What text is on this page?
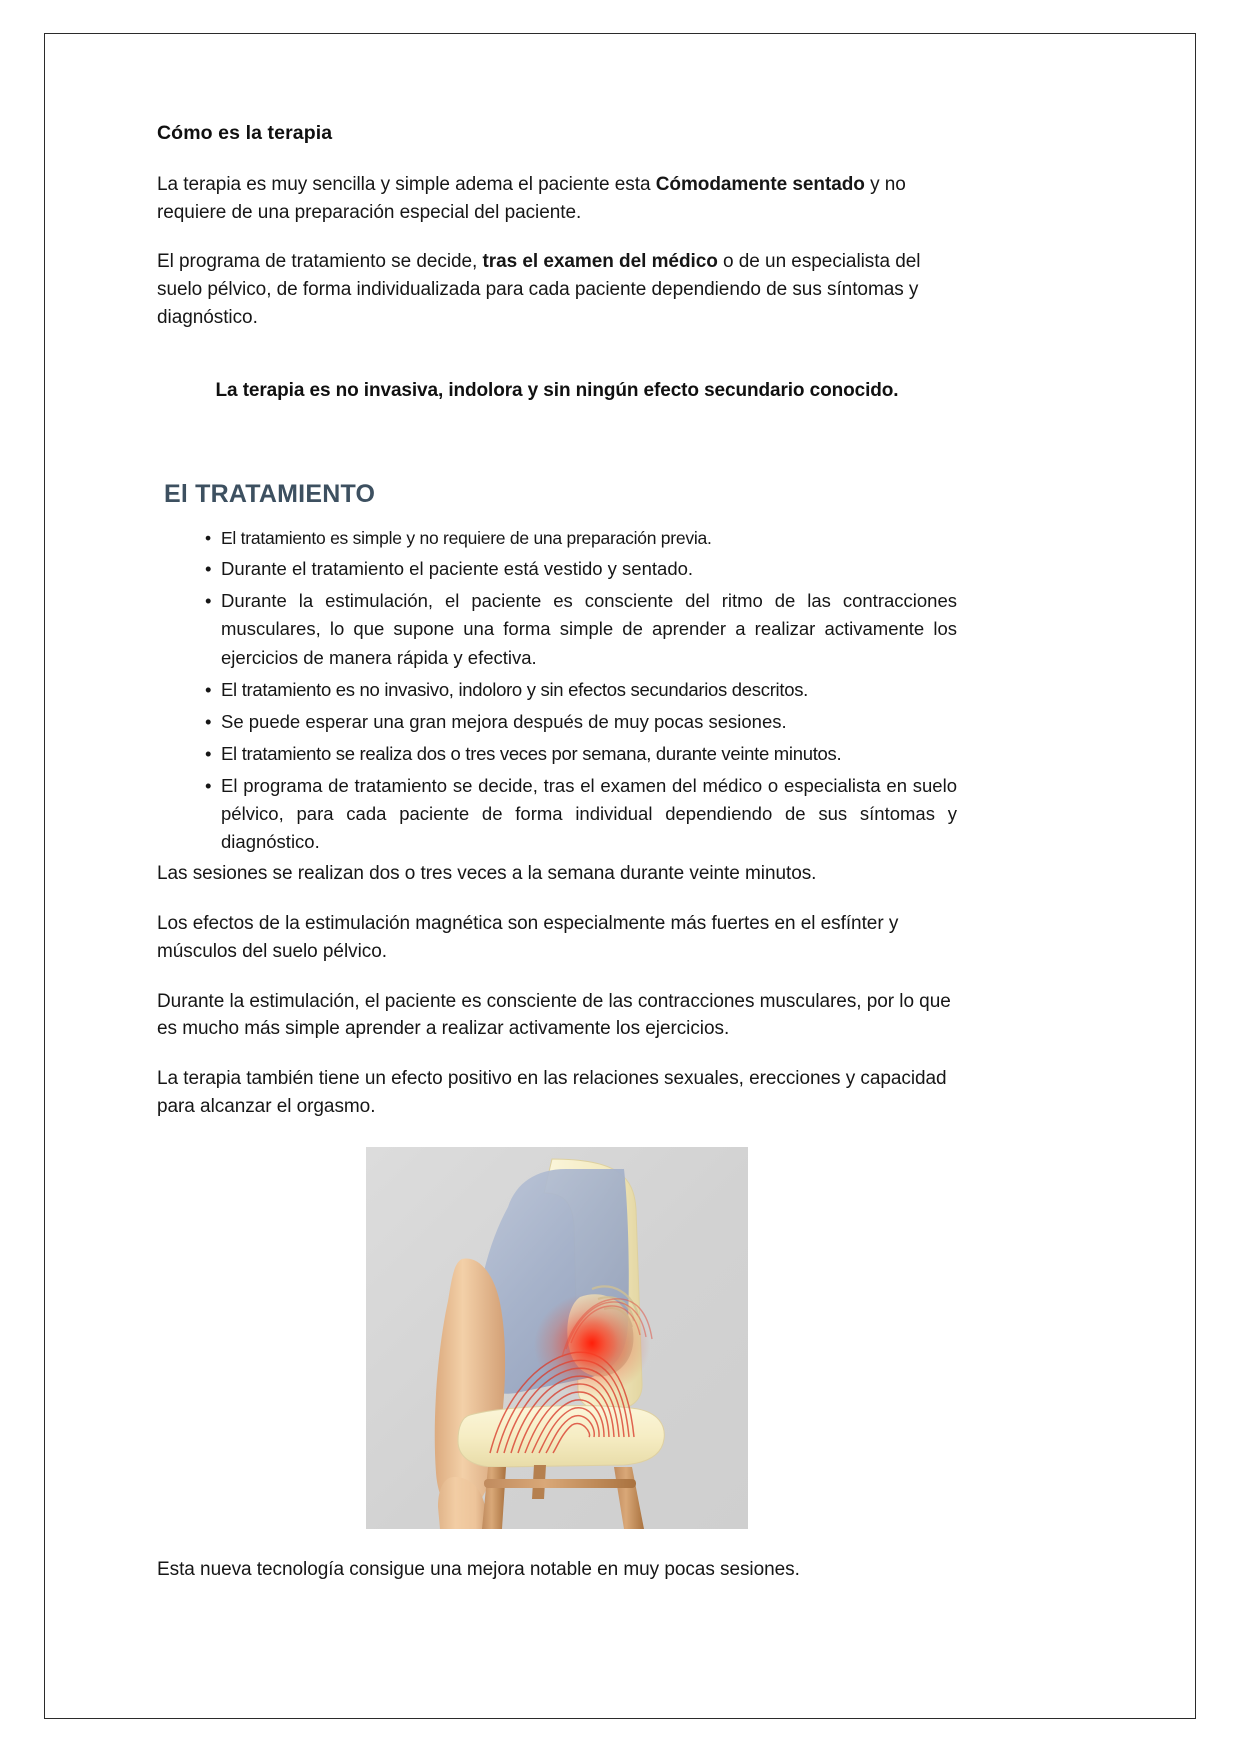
Cómo es la terapia

La terapia es muy sencilla y simple adema el paciente esta Cómodamente sentado y no requiere de una preparación especial del paciente.

El programa de tratamiento se decide, tras el examen del médico o de un especialista del suelo pélvico, de forma individualizada para cada paciente dependiendo de sus síntomas y diagnóstico.

La terapia es no invasiva, indolora y sin ningún efecto secundario conocido.

El TRATAMIENTO
• El tratamiento es simple y no requiere de una preparación previa.
• Durante el tratamiento el paciente está vestido y sentado.
• Durante la estimulación, el paciente es consciente del ritmo de las contracciones musculares, lo que supone una forma simple de aprender a realizar activamente los ejercicios de manera rápida y efectiva.
• El tratamiento es no invasivo, indoloro y sin efectos secundarios descritos.
• Se puede esperar una gran mejora después de muy pocas sesiones.
• El tratamiento se realiza dos o tres veces por semana, durante veinte minutos.
• El programa de tratamiento se decide, tras el examen del médico o especialista en suelo pélvico, para cada paciente de forma individual dependiendo de sus síntomas y diagnóstico.

Las sesiones se realizan dos o tres veces a la semana durante veinte minutos.

Los efectos de la estimulación magnética son especialmente más fuertes en el esfínter y músculos del suelo pélvico.

Durante la estimulación, el paciente es consciente de las contracciones musculares, por lo que es mucho más simple aprender a realizar activamente los ejercicios.

La terapia también tiene un efecto positivo en las relaciones sexuales, erecciones y capacidad para alcanzar el orgasmo.

Esta nueva tecnología consigue una mejora notable en muy pocas sesiones.
